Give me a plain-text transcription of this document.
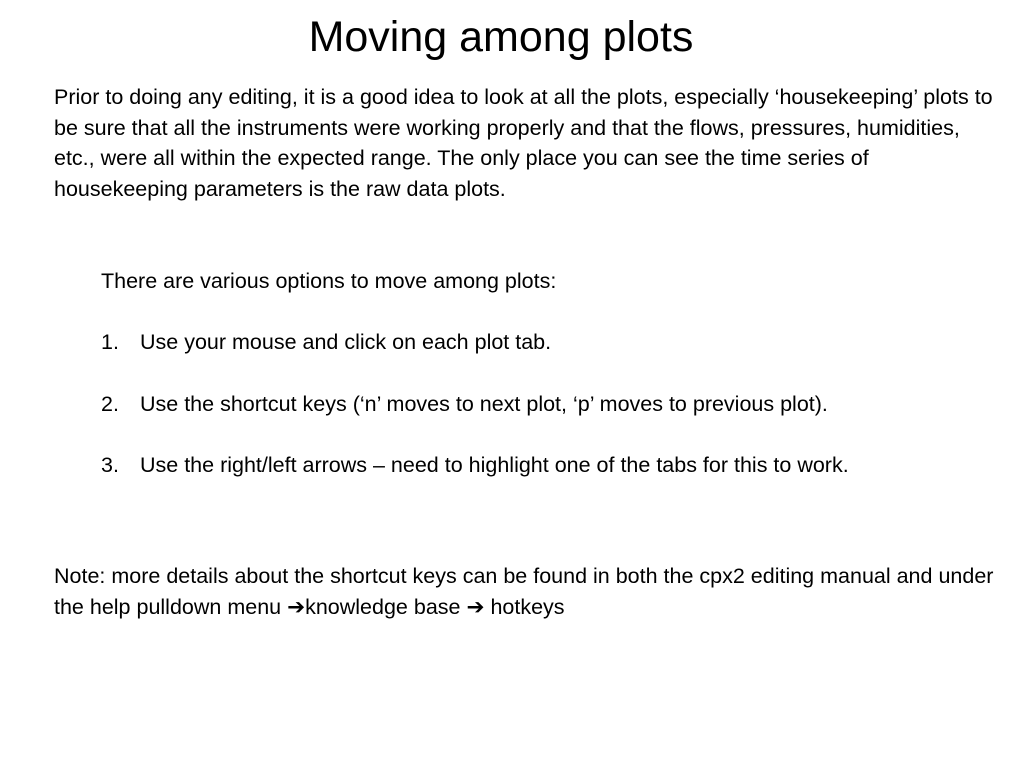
Moving among plots

Prior to doing any editing, it is a good idea to look at all the plots, especially ‘housekeeping’ plots to be sure that all the instruments were working properly and that the flows, pressures, humidities, etc., were all within the expected range. The only place you can see the time series of housekeeping parameters is the raw data plots.

There are various options to move among plots:

1. Use your mouse and click on each plot tab.
2. Use the shortcut keys (‘n’ moves to next plot, ‘p’ moves to previous plot).
3. Use the right/left arrows – need to highlight one of the tabs for this to work.

Note: more details about the shortcut keys can be found in both the cpx2 editing manual and under the help pulldown menu ➔knowledge base ➔ hotkeys
